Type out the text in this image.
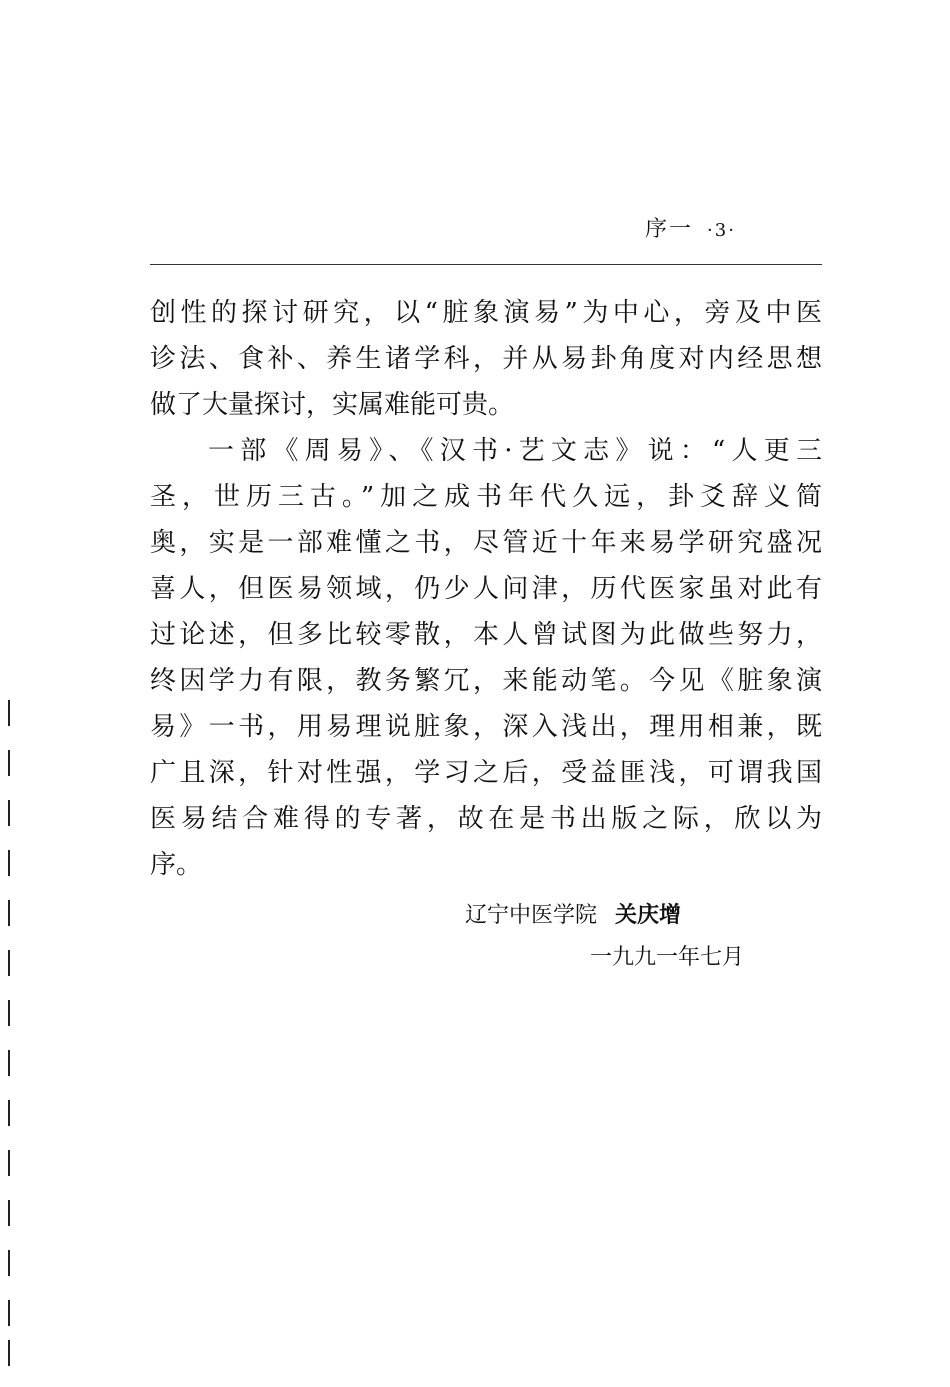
序一 ·3·
创性的探讨研究，以“脏象演易”为中心，旁及中医
诊法、食补、养生诸学科，并从易卦角度对内经思想
做了大量探讨，实属难能可贵。
一部《周易》、《汉书·艺文志》说：“人更三
圣，世历三古。”加之成书年代久远，卦爻辞义简
奥，实是一部难懂之书，尽管近十年来易学研究盛况
喜人，但医易领域，仍少人问津，历代医家虽对此有
过论述，但多比较零散，本人曾试图为此做些努力，
终因学力有限，教务繁冗，来能动笔。今见《脏象演
易》一书，用易理说脏象，深入浅出，理用相兼，既
广且深，针对性强，学习之后，受益匪浅，可谓我国
医易结合难得的专著，故在是书出版之际，欣以为
序。
辽宁中医学院 关庆增
一九九一年七月
